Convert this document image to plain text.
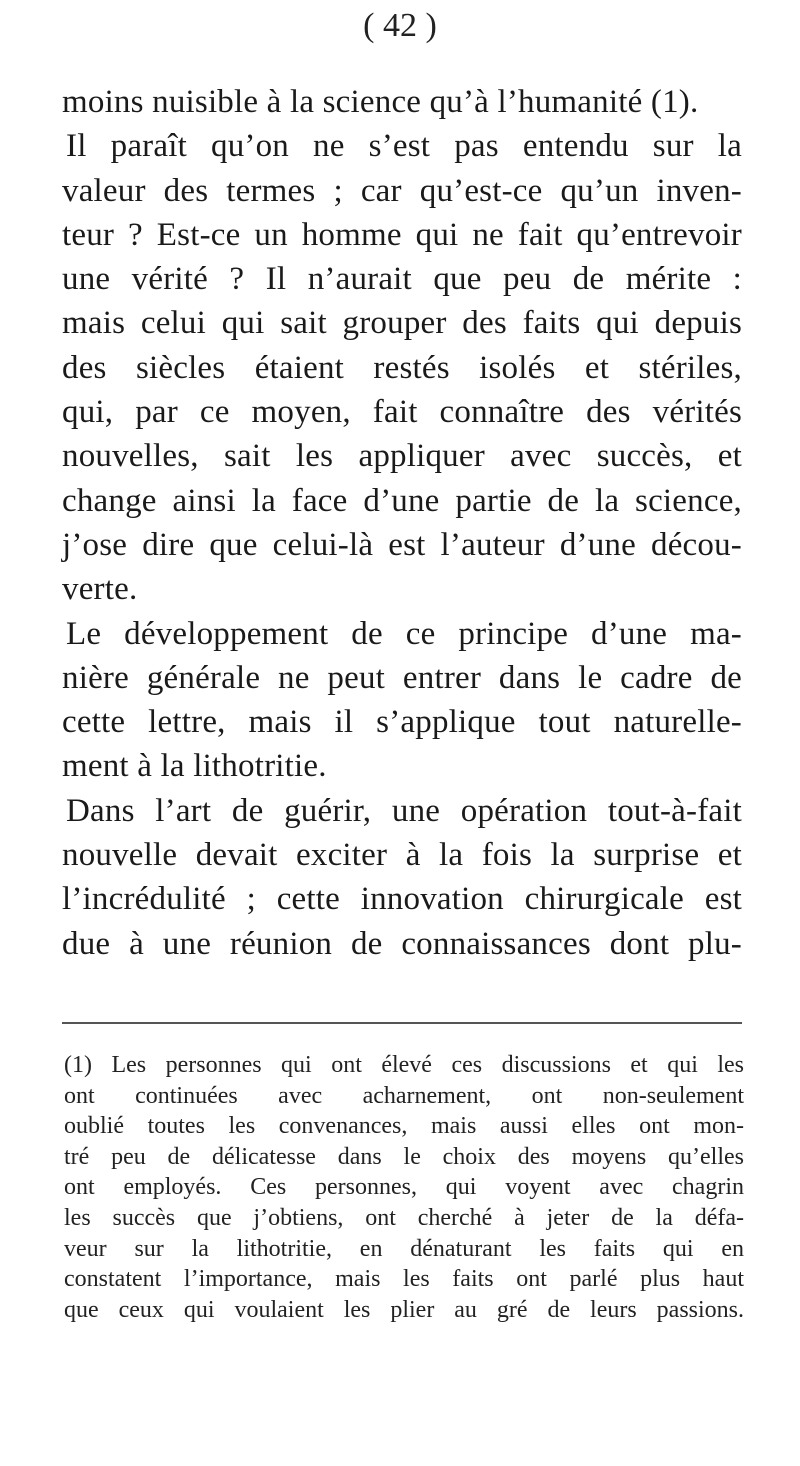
( 42 )
moins nuisible à la science qu’à l’humanité (1).
Il paraît qu’on ne s’est pas entendu sur la
valeur des termes ; car qu’est-ce qu’un inven-
teur ? Est-ce un homme qui ne fait qu’entrevoir
une vérité ? Il n’aurait que peu de mérite :
mais celui qui sait grouper des faits qui depuis
des siècles étaient restés isolés et stériles,
qui, par ce moyen, fait connaître des vérités
nouvelles, sait les appliquer avec succès, et
change ainsi la face d’une partie de la science,
j’ose dire que celui-là est l’auteur d’une décou-
verte.
Le développement de ce principe d’une ma-
nière générale ne peut entrer dans le cadre de
cette lettre, mais il s’applique tout naturelle-
ment à la lithotritie.
Dans l’art de guérir, une opération tout-à-fait
nouvelle devait exciter à la fois la surprise et
l’incrédulité ; cette innovation chirurgicale est
due à une réunion de connaissances dont plu-
(1) Les personnes qui ont élevé ces discussions et qui les
ont continuées avec acharnement, ont non-seulement
oublié toutes les convenances, mais aussi elles ont mon-
tré peu de délicatesse dans le choix des moyens qu’elles
ont employés. Ces personnes, qui voyent avec chagrin
les succès que j’obtiens, ont cherché à jeter de la défa-
veur sur la lithotritie, en dénaturant les faits qui en
constatent l’importance, mais les faits ont parlé plus haut
que ceux qui voulaient les plier au gré de leurs passions.
